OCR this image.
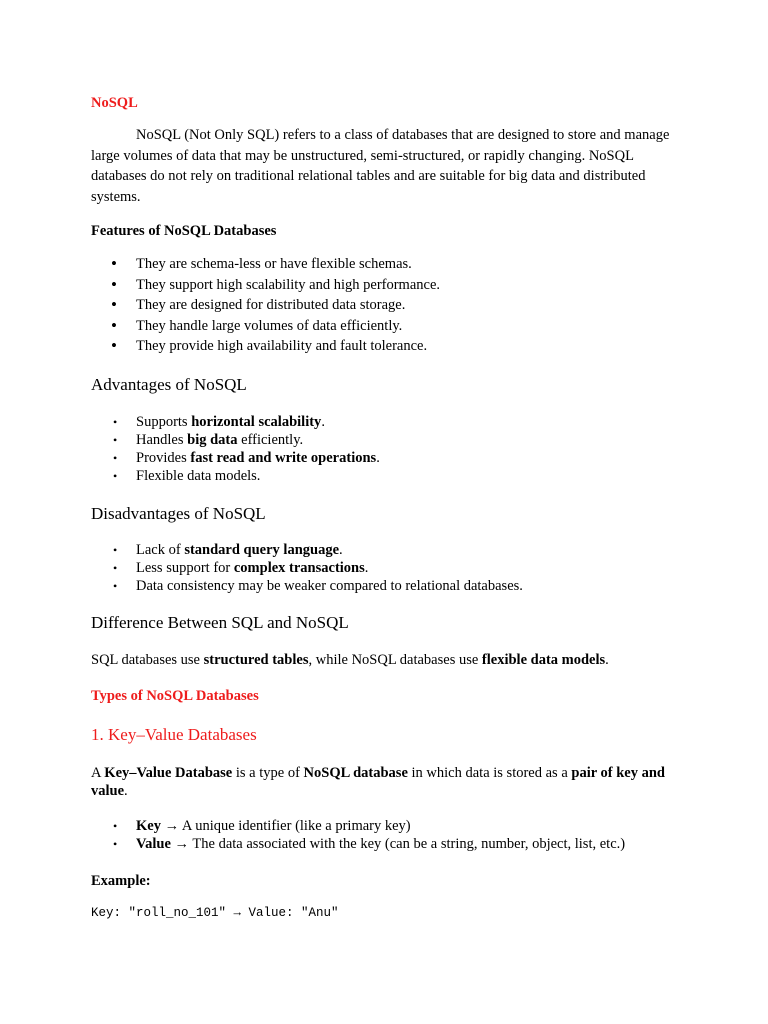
NoSQL

NoSQL (Not Only SQL) refers to a class of databases that are designed to store and manage large volumes of data that may be unstructured, semi-structured, or rapidly changing. NoSQL databases do not rely on traditional relational tables and are suitable for big data and distributed systems.

Features of NoSQL Databases
• They are schema-less or have flexible schemas.
• They support high scalability and high performance.
• They are designed for distributed data storage.
• They handle large volumes of data efficiently.
• They provide high availability and fault tolerance.
Advantages of NoSQL
• Supports horizontal scalability.
• Handles big data efficiently.
• Provides fast read and write operations.
• Flexible data models.
Disadvantages of NoSQL
• Lack of standard query language.
• Less support for complex transactions.
• Data consistency may be weaker compared to relational databases.
Difference Between SQL and NoSQL

SQL databases use structured tables, while NoSQL databases use flexible data models.

Types of NoSQL Databases
1. Key–Value Databases

A Key–Value Database is a type of NoSQL database in which data is stored as a pair of key and value.

• Key → A unique identifier (like a primary key)
• Value → The data associated with the key (can be a string, number, object, list, etc.)
Example:
Key: "roll_no_101" → Value: "Anu"
